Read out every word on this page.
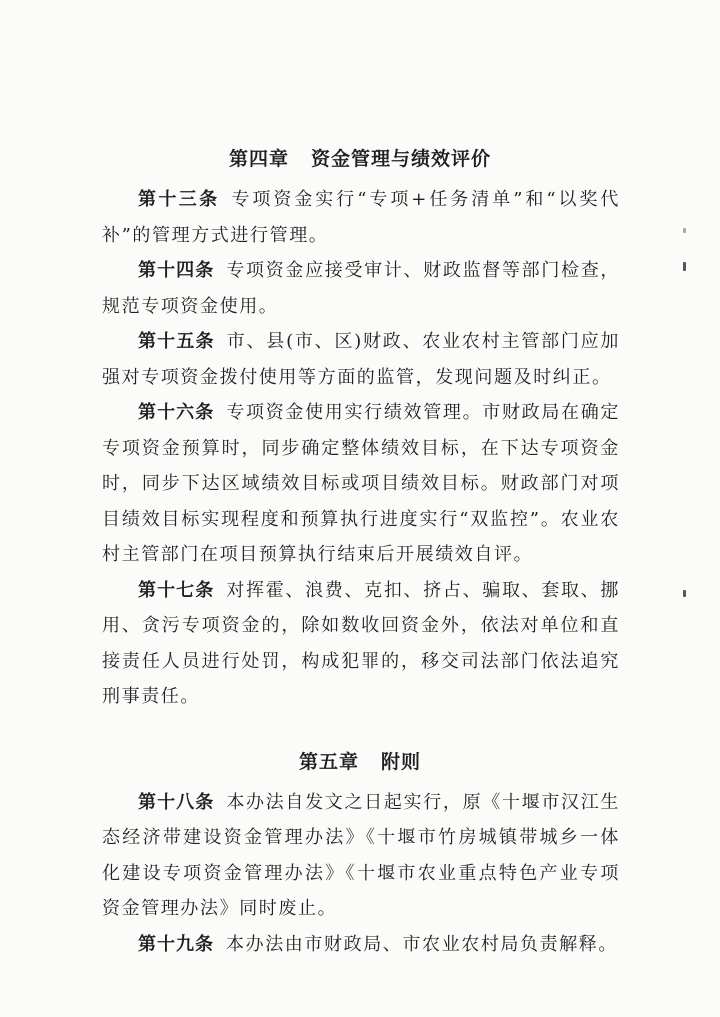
第四章 资金管理与绩效评价

第十三条 专项资金实行“专项+任务清单”和“以奖代补”的管理方式进行管理。

第十四条 专项资金应接受审计、财政监督等部门检查，规范专项资金使用。

第十五条 市、县(市、区)财政、农业农村主管部门应加强对专项资金拨付使用等方面的监管，发现问题及时纠正。

第十六条 专项资金使用实行绩效管理。市财政局在确定专项资金预算时，同步确定整体绩效目标，在下达专项资金时，同步下达区域绩效目标或项目绩效目标。财政部门对项目绩效目标实现程度和预算执行进度实行“双监控”。农业农村主管部门在项目预算执行结束后开展绩效自评。

第十七条 对挥霍、浪费、克扣、挤占、骗取、套取、挪用、贪污专项资金的，除如数收回资金外，依法对单位和直接责任人员进行处罚，构成犯罪的，移交司法部门依法追究刑事责任。

第五章 附则

第十八条 本办法自发文之日起实行，原《十堰市汉江生态经济带建设资金管理办法》《十堰市竹房城镇带城乡一体化建设专项资金管理办法》《十堰市农业重点特色产业专项资金管理办法》同时废止。

第十九条 本办法由市财政局、市农业农村局负责解释。
